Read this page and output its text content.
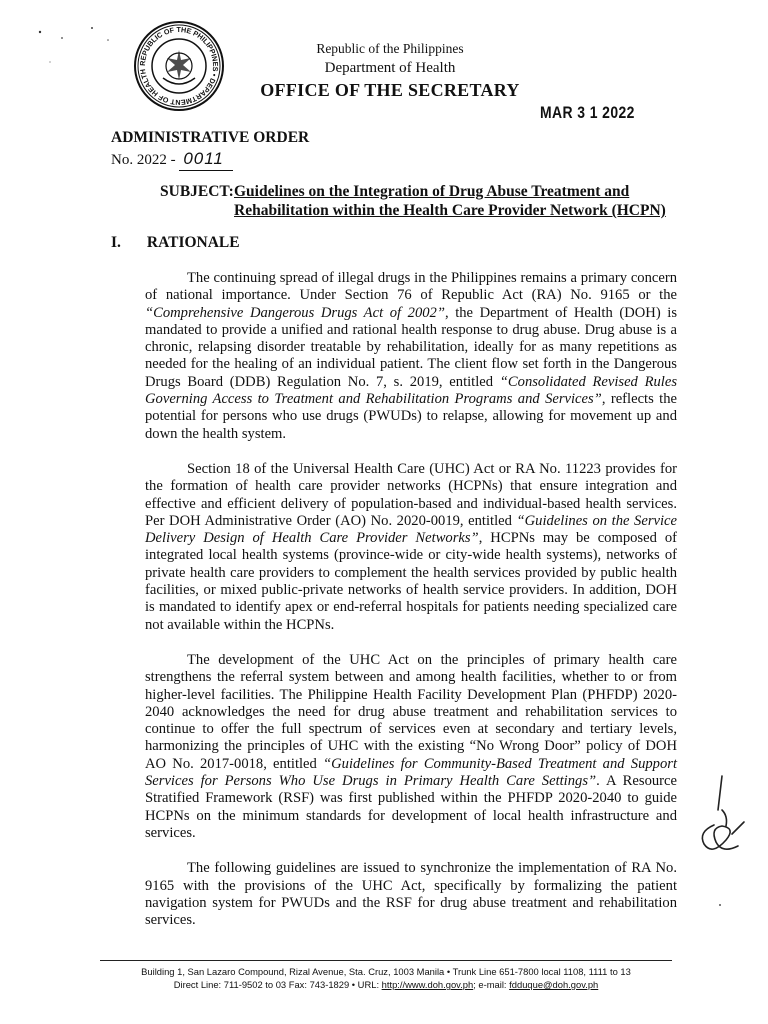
REPUBLIC OF THE PHILIPPINES • DEPARTMENT OF HEALTH
Republic of the Philippines
Department of Health
OFFICE OF THE SECRETARY
MAR 3 1 2022
ADMINISTRATIVE ORDER
No. 2022 - 0011
SUBJECT: Guidelines on the Integration of Drug Abuse Treatment and Rehabilitation within the Health Care Provider Network (HCPN)
I. RATIONALE

The continuing spread of illegal drugs in the Philippines remains a primary concern of national importance. Under Section 76 of Republic Act (RA) No. 9165 or the “Comprehensive Dangerous Drugs Act of 2002”, the Department of Health (DOH) is mandated to provide a unified and rational health response to drug abuse. Drug abuse is a chronic, relapsing disorder treatable by rehabilitation, ideally for as many repetitions as needed for the healing of an individual patient. The client flow set forth in the Dangerous Drugs Board (DDB) Regulation No. 7, s. 2019, entitled “Consolidated Revised Rules Governing Access to Treatment and Rehabilitation Programs and Services”, reflects the potential for persons who use drugs (PWUDs) to relapse, allowing for movement up and down the health system.

Section 18 of the Universal Health Care (UHC) Act or RA No. 11223 provides for the formation of health care provider networks (HCPNs) that ensure integration and effective and efficient delivery of population-based and individual-based health services. Per DOH Administrative Order (AO) No. 2020-0019, entitled “Guidelines on the Service Delivery Design of Health Care Provider Networks”, HCPNs may be composed of integrated local health systems (province-wide or city-wide health systems), networks of private health care providers to complement the health services provided by public health facilities, or mixed public-private networks of health service providers. In addition, DOH is mandated to identify apex or end-referral hospitals for patients needing specialized care not available within the HCPNs.

The development of the UHC Act on the principles of primary health care strengthens the referral system between and among health facilities, whether to or from higher-level facilities. The Philippine Health Facility Development Plan (PHFDP) 2020-2040 acknowledges the need for drug abuse treatment and rehabilitation services to continue to offer the full spectrum of services even at secondary and tertiary levels, harmonizing the principles of UHC with the existing “No Wrong Door” policy of DOH AO No. 2017-0018, entitled “Guidelines for Community-Based Treatment and Support Services for Persons Who Use Drugs in Primary Health Care Settings”. A Resource Stratified Framework (RSF) was first published within the PHFDP 2020-2040 to guide HCPNs on the minimum standards for development of local health infrastructure and services.

The following guidelines are issued to synchronize the implementation of RA No. 9165 with the provisions of the UHC Act, specifically by formalizing the patient navigation system for PWUDs and the RSF for drug abuse treatment and rehabilitation services.

Building 1, San Lazaro Compound, Rizal Avenue, Sta. Cruz, 1003 Manila • Trunk Line 651-7800 local 1108, 1111 to 13
Direct Line: 711-9502 to 03 Fax: 743-1829 • URL: http://www.doh.gov.ph; e-mail: fdduque@doh.gov.ph
